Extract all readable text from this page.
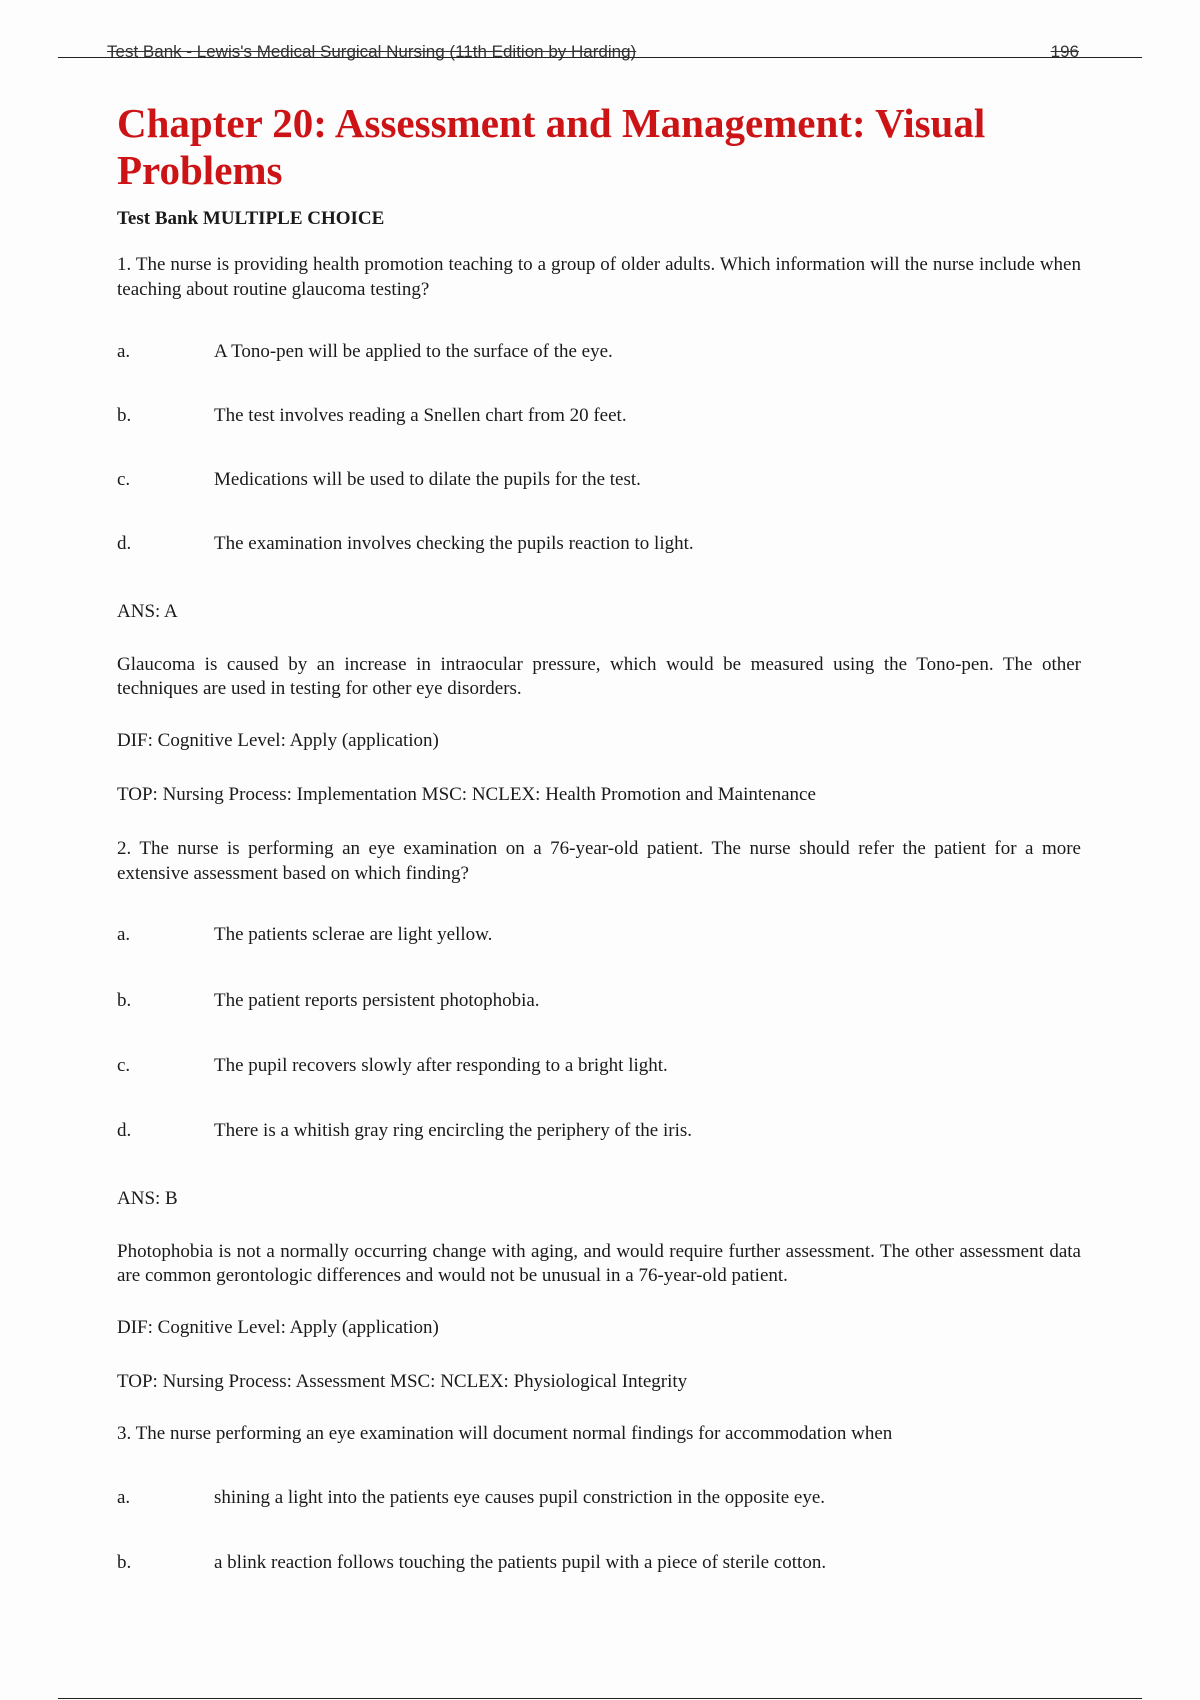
Test Bank - Lewis's Medical Surgical Nursing (11th Edition by Harding)	196
Chapter 20: Assessment and Management: Visual Problems

Test Bank MULTIPLE CHOICE

1. The nurse is providing health promotion teaching to a group of older adults. Which information will the nurse include when teaching about routine glaucoma testing?

a.	A Tono-pen will be applied to the surface of the eye.
b.	The test involves reading a Snellen chart from 20 feet.
c.	Medications will be used to dilate the pupils for the test.
d.	The examination involves checking the pupils reaction to light.

ANS: A

Glaucoma is caused by an increase in intraocular pressure, which would be measured using the Tono-pen. The other techniques are used in testing for other eye disorders.

DIF: Cognitive Level: Apply (application)

TOP: Nursing Process: Implementation MSC: NCLEX: Health Promotion and Maintenance

2. The nurse is performing an eye examination on a 76-year-old patient. The nurse should refer the patient for a more extensive assessment based on which finding?

a.	The patients sclerae are light yellow.
b.	The patient reports persistent photophobia.
c.	The pupil recovers slowly after responding to a bright light.
d.	There is a whitish gray ring encircling the periphery of the iris.

ANS: B

Photophobia is not a normally occurring change with aging, and would require further assessment. The other assessment data are common gerontologic differences and would not be unusual in a 76-year-old patient.

DIF: Cognitive Level: Apply (application)

TOP: Nursing Process: Assessment MSC: NCLEX: Physiological Integrity

3. The nurse performing an eye examination will document normal findings for accommodation when

a.	shining a light into the patients eye causes pupil constriction in the opposite eye.
b.	a blink reaction follows touching the patients pupil with a piece of sterile cotton.
